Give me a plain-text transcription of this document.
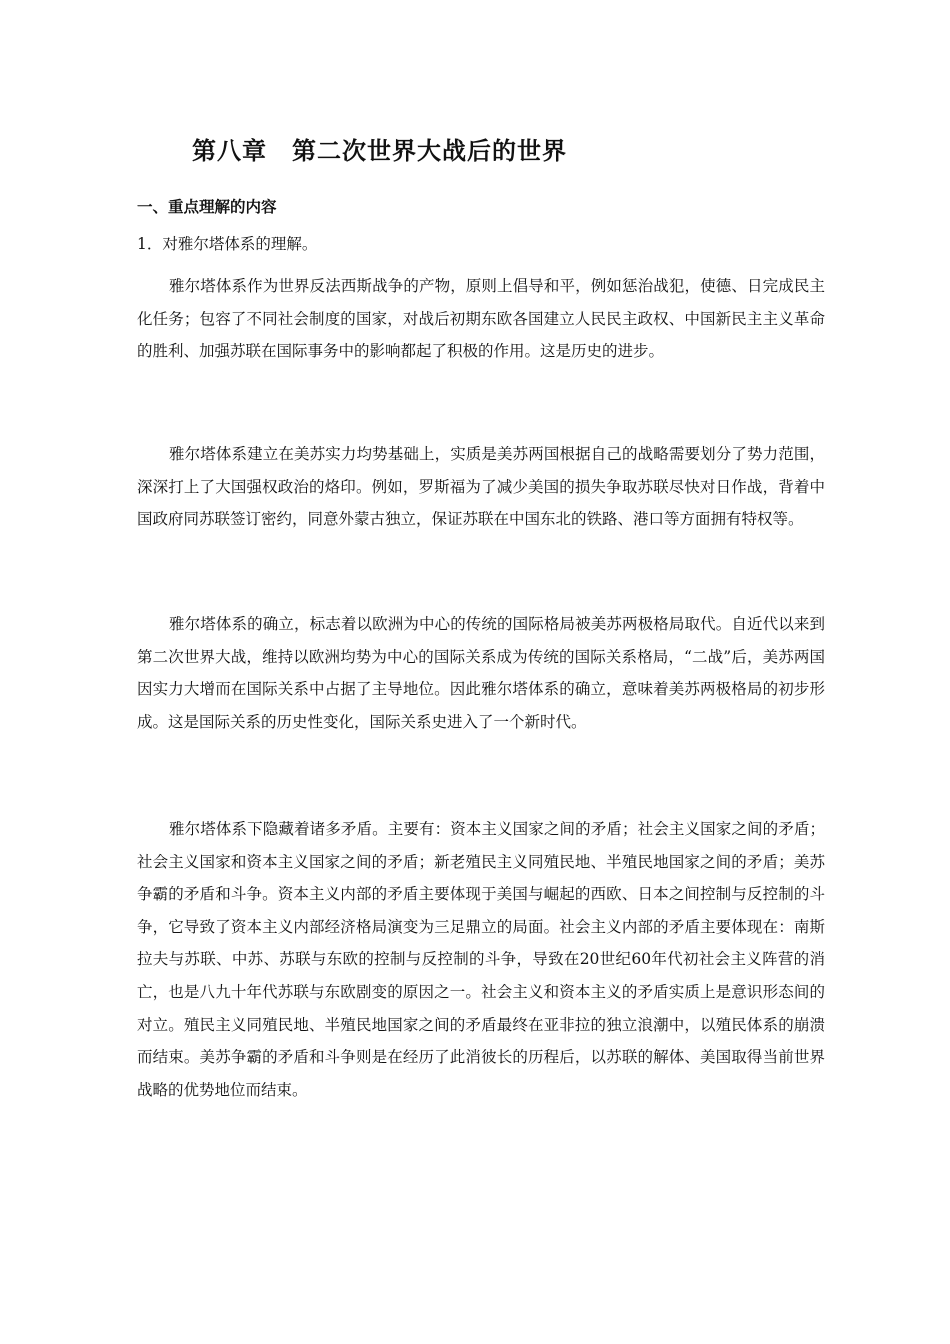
第八章　第二次世界大战后的世界
一、重点理解的内容

1．对雅尔塔体系的理解。

雅尔塔体系作为世界反法西斯战争的产物，原则上倡导和平，例如惩治战犯，使德、日完成民主化任务；包容了不同社会制度的国家，对战后初期东欧各国建立人民民主政权、中国新民主主义革命的胜利、加强苏联在国际事务中的影响都起了积极的作用。这是历史的进步。

雅尔塔体系建立在美苏实力均势基础上，实质是美苏两国根据自己的战略需要划分了势力范围，深深打上了大国强权政治的烙印。例如，罗斯福为了减少美国的损失争取苏联尽快对日作战，背着中国政府同苏联签订密约，同意外蒙古独立，保证苏联在中国东北的铁路、港口等方面拥有特权等。

雅尔塔体系的确立，标志着以欧洲为中心的传统的国际格局被美苏两极格局取代。自近代以来到第二次世界大战，维持以欧洲均势为中心的国际关系成为传统的国际关系格局，“二战”后，美苏两国因实力大增而在国际关系中占据了主导地位。因此雅尔塔体系的确立，意味着美苏两极格局的初步形成。这是国际关系的历史性变化，国际关系史进入了一个新时代。

雅尔塔体系下隐藏着诸多矛盾。主要有：资本主义国家之间的矛盾；社会主义国家之间的矛盾；社会主义国家和资本主义国家之间的矛盾；新老殖民主义同殖民地、半殖民地国家之间的矛盾；美苏争霸的矛盾和斗争。资本主义内部的矛盾主要体现于美国与崛起的西欧、日本之间控制与反控制的斗争，它导致了资本主义内部经济格局演变为三足鼎立的局面。社会主义内部的矛盾主要体现在：南斯拉夫与苏联、中苏、苏联与东欧的控制与反控制的斗争，导致在20世纪60年代初社会主义阵营的消亡，也是八九十年代苏联与东欧剧变的原因之一。社会主义和资本主义的矛盾实质上是意识形态间的对立。殖民主义同殖民地、半殖民地国家之间的矛盾最终在亚非拉的独立浪潮中，以殖民体系的崩溃而结束。美苏争霸的矛盾和斗争则是在经历了此消彼长的历程后，以苏联的解体、美国取得当前世界战略的优势地位而结束。
